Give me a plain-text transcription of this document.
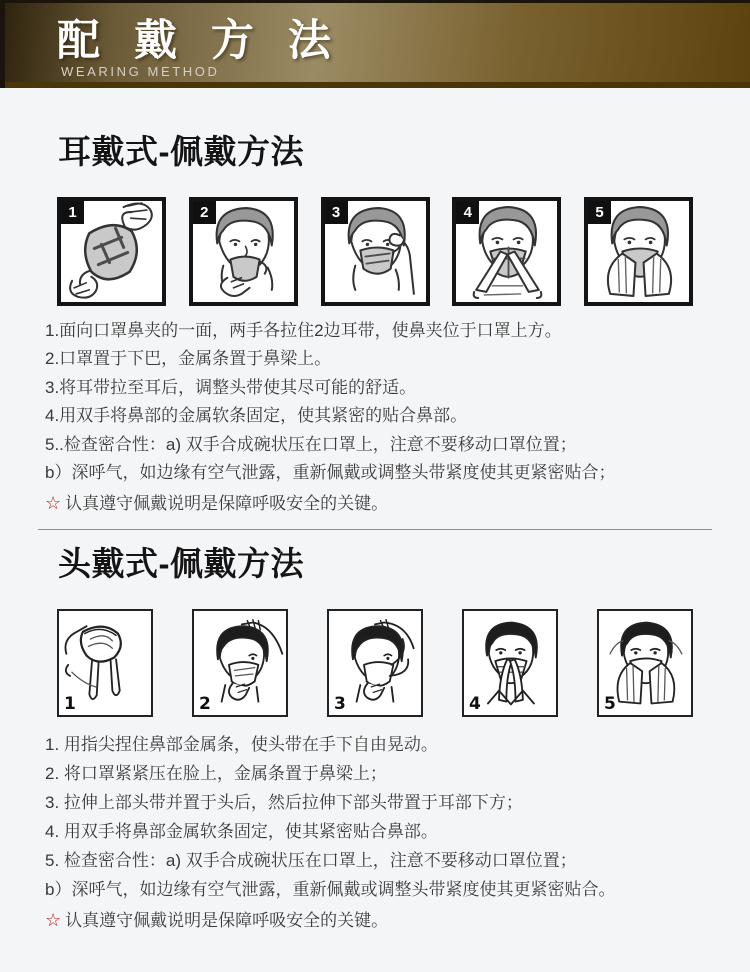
配 戴 方 法
WEARING METHOD
耳戴式-佩戴方法
1	2	3	4	5

1.面向口罩鼻夹的一面，两手各拉住2边耳带，使鼻夹位于口罩上方。

2.口罩置于下巴，金属条置于鼻梁上。

3.将耳带拉至耳后，调整头带使其尽可能的舒适。

4.用双手将鼻部的金属软条固定，使其紧密的贴合鼻部。

5..检查密合性：a) 双手合成碗状压在口罩上，注意不要移动口罩位置；

b）深呼气，如边缘有空气泄露，重新佩戴或调整头带紧度使其更紧密贴合；

☆ 认真遵守佩戴说明是保障呼吸安全的关键。

头戴式-佩戴方法
1	2	3	4	5

1. 用指尖捏住鼻部金属条，使头带在手下自由晃动。

2. 将口罩紧紧压在脸上，金属条置于鼻梁上；

3. 拉伸上部头带并置于头后，然后拉伸下部头带置于耳部下方；

4. 用双手将鼻部金属软条固定，使其紧密贴合鼻部。

5. 检查密合性：a) 双手合成碗状压在口罩上，注意不要移动口罩位置；

b）深呼气，如边缘有空气泄露，重新佩戴或调整头带紧度使其更紧密贴合。

☆ 认真遵守佩戴说明是保障呼吸安全的关键。
